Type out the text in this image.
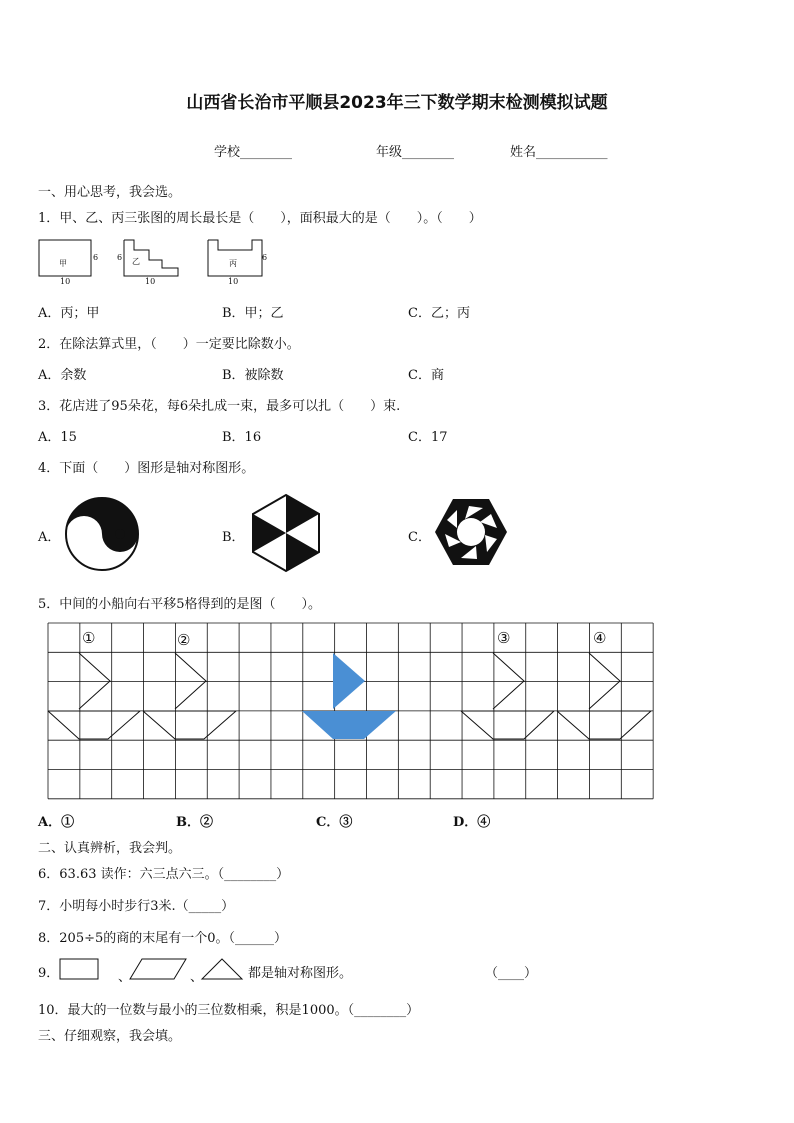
山西省长治市平顺县2023年三下数学期末检测模拟试题
学校________	年级________	姓名___________
一、用心思考，我会选。
1．甲、乙、丙三张图的周长最长是（　　），面积最大的是（　　）。（　　）
甲
6
10
乙
6
10
丙
6
10
A．丙；甲	B．甲；乙	C．乙；丙
2．在除法算式里，（　　）一定要比除数小。
A．余数	B．被除数	C．商
3．花店进了95朵花，每6朵扎成一束，最多可以扎（　　）束.
A．15	B．16	C．17
4．下面（　　）图形是轴对称图形。
A．	B．	C．
5．中间的小船向右平移5格得到的是图（　　）。
①	②	③	④
A．①	B．②	C．③	D．④
二、认真辨析，我会判。
6．63.63 读作：六三点六三。（________）
7．小明每小时步行3米.（_____）
8．205÷5的商的末尾有一个0。（______）
9．	、	、	都是轴对称图形。	（____）
10．最大的一位数与最小的三位数相乘，积是1000。（________）
三、仔细观察，我会填。
